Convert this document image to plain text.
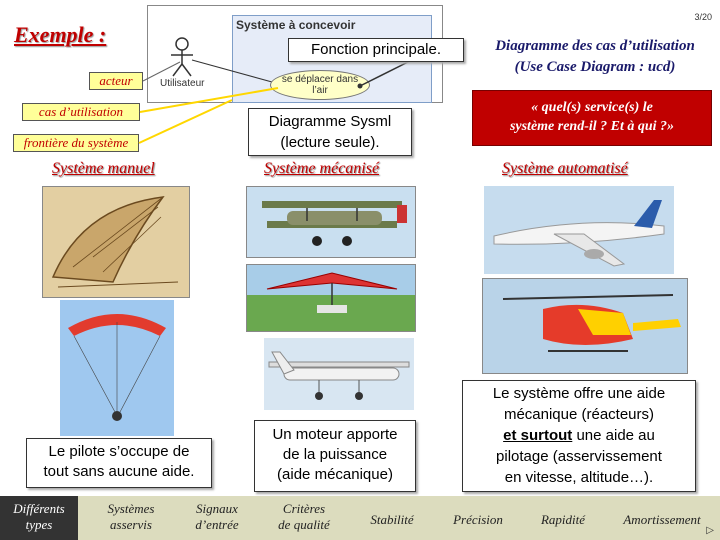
3/20
Exemple :	Système à concevoir
Utilisateur	se déplacer dans
l’air
acteur
cas d’utilisation
frontière du système
Fonction principale.
Diagramme Sysml
(lecture seule).
Diagramme des cas d’utilisation
(Use Case Diagram : ucd)
« quel(s) service(s) le
système rend-il ? Et à qui ?»
Système manuel	Système mécanisé	Système automatisé
Le pilote s’occupe de
tout sans aucune aide.
Un moteur apporte
de la puissance
(aide mécanique)
Le système offre une aide
mécanique (réacteurs)
et surtout une aide au
pilotage (asservissement
en vitesse, altitude…).
Différents
types
Systèmes
asservis
Signaux
d’entrée
Critères
de qualité	Stabilité	Précision	Rapidité	Amortissement
▷
